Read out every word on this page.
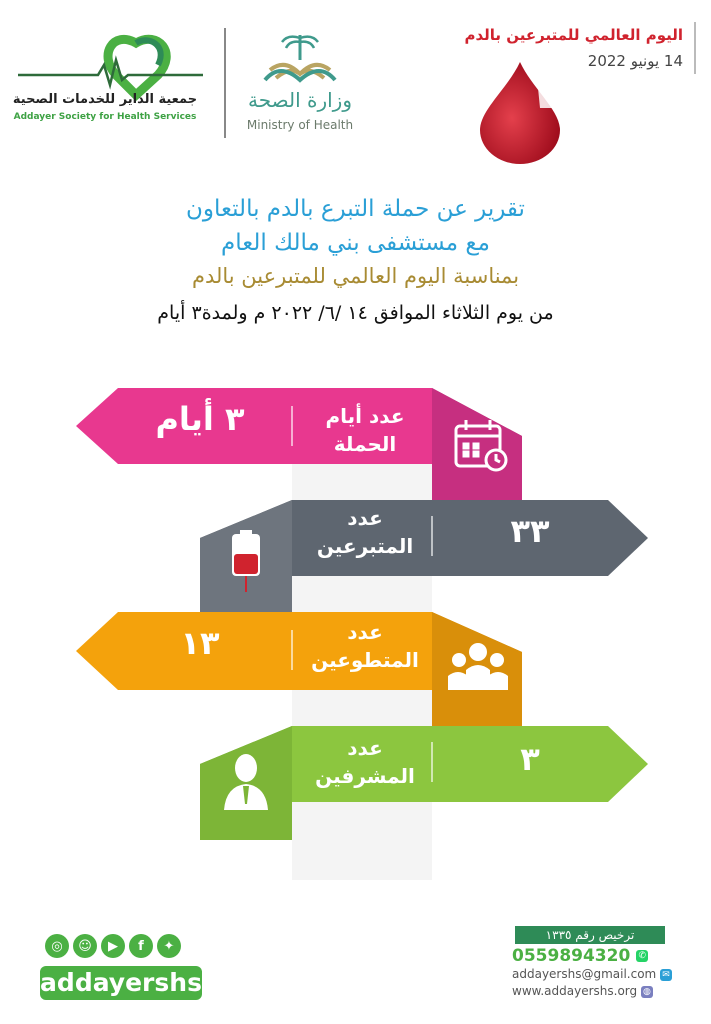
جمعية الداير للخدمات الصحية
Addayer Society for Health Services
وزارة الصحة
Ministry of Health
اليوم العالمي للمتبرعين بالدم
14 يونيو 2022
تقرير عن حملة التبرع بالدم بالتعاون
مع مستشفى بني مالك العام
بمناسبة اليوم العالمي للمتبرعين بالدم
من يوم الثلاثاء الموافق ١٤ /٦/ ٢٠٢٢ م ولمدة٣ أيام
عدد أيام
الحملة
٣ أيام
عدد
المتبرعين	٣٣
عدد
المتطوعين
١٣
عدد
المشرفين	٣
◎	☺	▶	f	✦
addayershs
ترخيص رقم ١٣٣٥
0559894320 ✆
addayershs@gmail.com ✉
www.addayershs.org ◍
